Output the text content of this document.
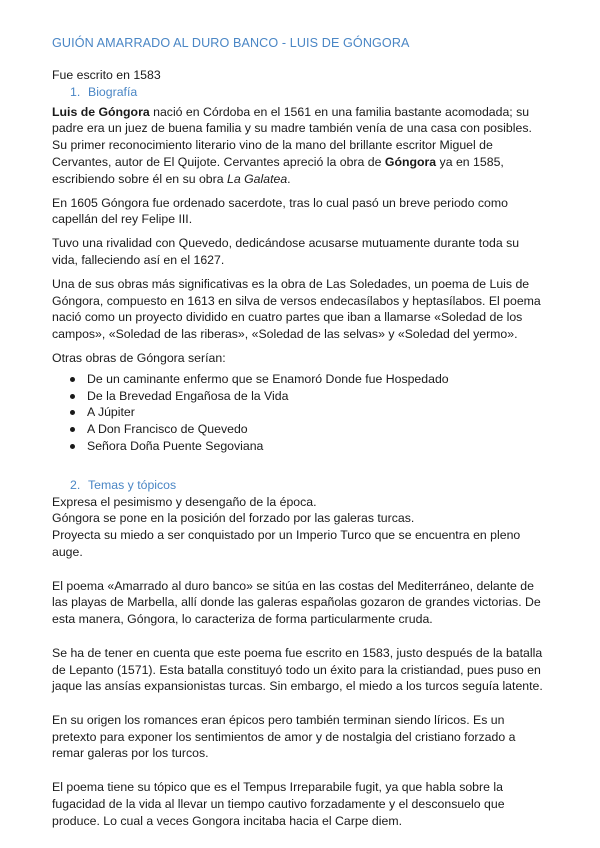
GUIÓN AMARRADO AL DURO BANCO - LUIS DE GÓNGORA

Fue escrito en 1583

1. Biografía

Luis de Góngora nació en Córdoba en el 1561 en una familia bastante acomodada; su padre era un juez de buena familia y su madre también venía de una casa con posibles. Su primer reconocimiento literario vino de la mano del brillante escritor Miguel de Cervantes, autor de El Quijote. Cervantes apreció la obra de Góngora ya en 1585, escribiendo sobre él en su obra La Galatea.

En 1605 Góngora fue ordenado sacerdote, tras lo cual pasó un breve periodo como capellán del rey Felipe III.

Tuvo una rivalidad con Quevedo, dedicándose acusarse mutuamente durante toda su vida, falleciendo así en el 1627.

Una de sus obras más significativas es la obra de Las Soledades, un poema de Luis de Góngora, compuesto en 1613 en silva de versos endecasílabos y heptasílabos. El poema nació como un proyecto dividido en cuatro partes que iban a llamarse «Soledad de los campos», «Soledad de las riberas», «Soledad de las selvas» y «Soledad del yermo».

Otras obras de Góngora serían:

De un caminante enfermo que se Enamoró Donde fue Hospedado
De la Brevedad Engañosa de la Vida
A Júpiter
A Don Francisco de Quevedo
Señora Doña Puente Segoviana
2. Temas y tópicos

Expresa el pesimismo y desengaño de la época.

Góngora se pone en la posición del forzado por las galeras turcas.

Proyecta su miedo a ser conquistado por un Imperio Turco que se encuentra en pleno auge.

El poema «Amarrado al duro banco» se sitúa en las costas del Mediterráneo, delante de las playas de Marbella, allí donde las galeras españolas gozaron de grandes victorias. De esta manera, Góngora, lo caracteriza de forma particularmente cruda.

Se ha de tener en cuenta que este poema fue escrito en 1583, justo después de la batalla de Lepanto (1571). Esta batalla constituyó todo un éxito para la cristiandad, pues puso en jaque las ansías expansionistas turcas. Sin embargo, el miedo a los turcos seguía latente.

En su origen los romances eran épicos pero también terminan siendo líricos. Es un pretexto para exponer los sentimientos de amor y de nostalgia del cristiano forzado a remar galeras por los turcos.

El poema tiene su tópico que es el Tempus Irreparabile fugit, ya que habla sobre la fugacidad de la vida al llevar un tiempo cautivo forzadamente y el desconsuelo que produce. Lo cual a veces Gongora incitaba hacia el Carpe diem.
